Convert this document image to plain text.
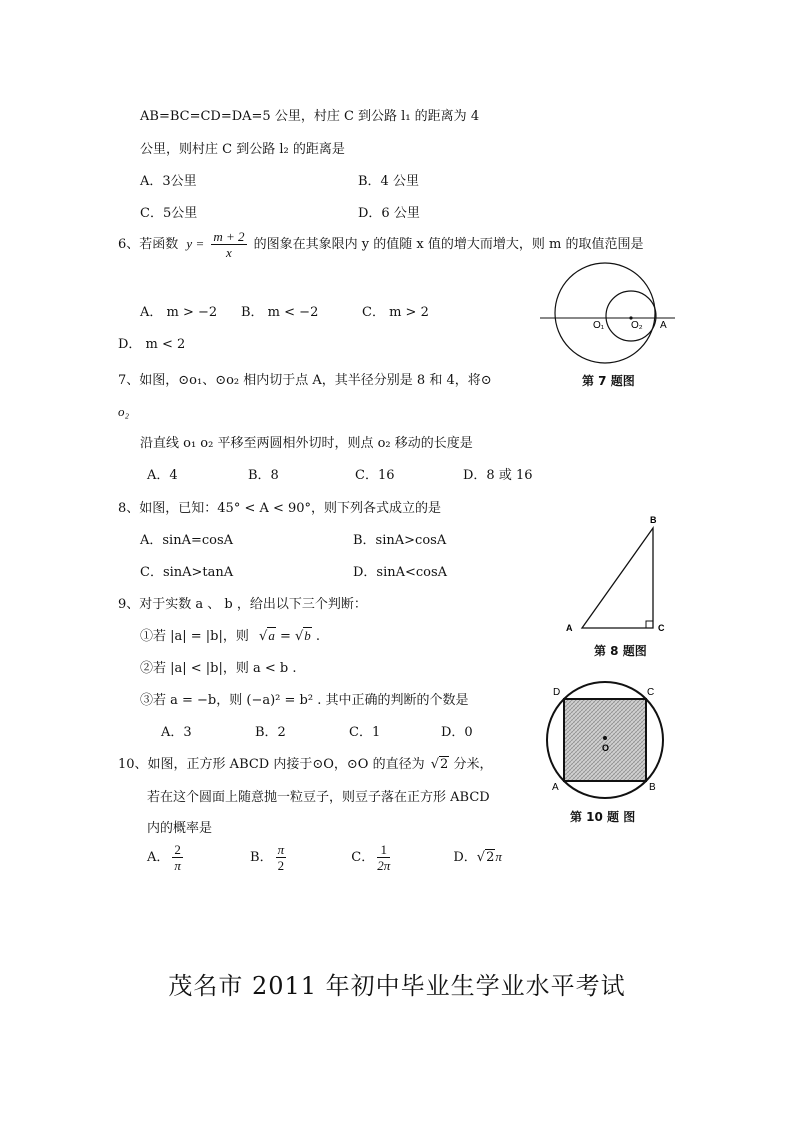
AB=BC=CD=DA=5 公里，村庄 C 到公路 l₁ 的距离为 4
公里，则村庄 C 到公路 l₂ 的距离是
A．3公里	B．4 公里
C．5公里	D．6 公里
6、若函数 $y = \frac{m + 2}{x}$ 的图象在其象限内 y 的值随 x 值的增大而增大，则 m 的取值范围是
A． m > −2 B． m < −2	C． m > 2
D． m < 2
7、如图，⊙o₁、⊙o₂ 相内切于点 A，其半径分别是 8 和 4，将⊙
o₂
沿直线 o₁ o₂ 平移至两圆相外切时，则点 o₂ 移动的长度是
A．4	B．8	C．16	D．8 或 16
O₁	O₂ A
第 7 题图
8、如图，已知：45° < A < 90°，则下列各式成立的是
A．sinA=cosA	B．sinA>cosA
C．sinA>tanA	D．sinA<cosA
B
A	C
第 8 题图
9、对于实数 a 、 b ，给出以下三个判断：
①若 |a| = |b|，则 √a = √b .
②若 |a| < |b|，则 a < b .
③若 a = −b，则 (−a)² = b² . 其中正确的判断的个数是
A．3	B．2	C．1	D．0
10、如图，正方形 ABCD 内接于⊙O，⊙O 的直径为 √2 分米，
若在这个圆面上随意抛一粒豆子，则豆子落在正方形 ABCD
内的概率是
A． $\frac{2}{\pi}$	B． $\frac{\pi}{2}$	C． $\frac{1}{2\pi}$	D．√2π
O
D	C
A	B
第 10 题 图
茂名市 2011 年初中毕业生学业水平考试
